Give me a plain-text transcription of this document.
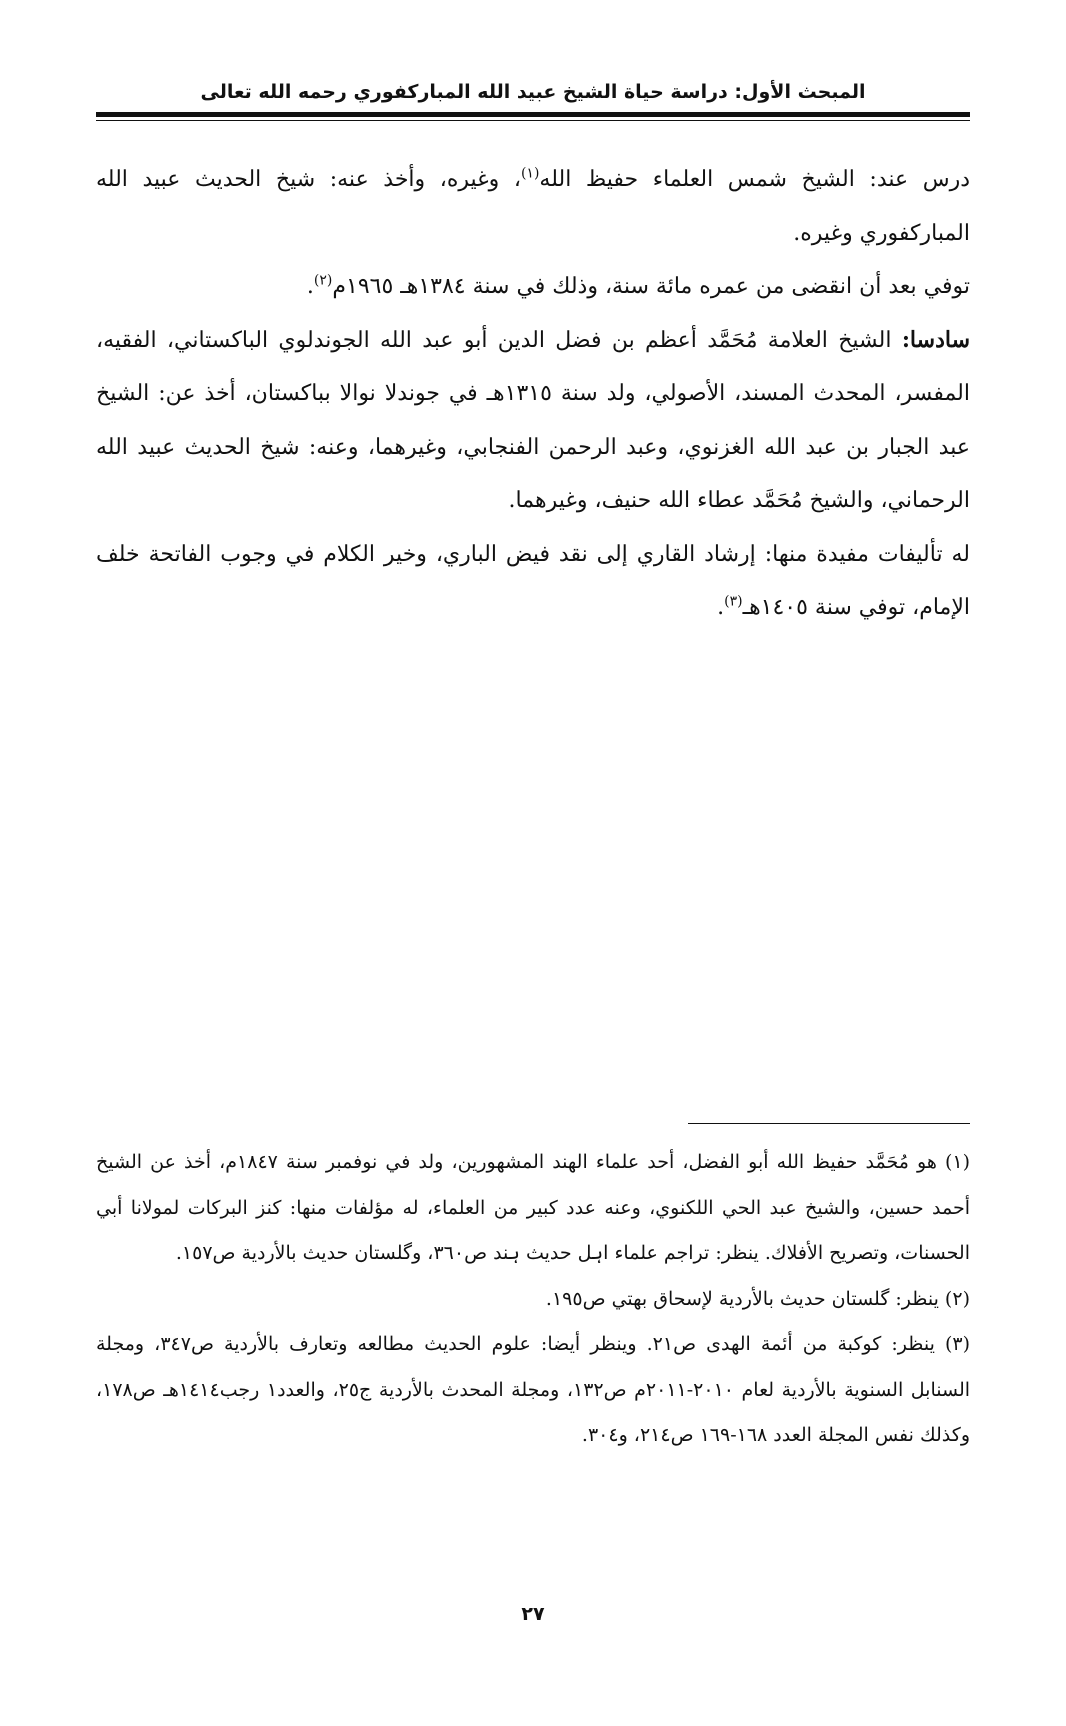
المبحث الأول: دراسة حياة الشيخ عبيد الله المباركفوري رحمه الله تعالى

درس عند: الشيخ شمس العلماء حفيظ الله$^{(١)}$، وغيره، وأخذ عنه: شيخ الحديث عبيد الله المباركفوري وغيره.

توفي بعد أن انقضى من عمره مائة سنة، وذلك في سنة ١٣٨٤هـ ١٩٦٥م$^{(٢)}$.

سادسا: الشيخ العلامة مُحَمَّد أعظم بن فضل الدين أبو عبد الله الجوندلوي الباكستاني، الفقيه، المفسر، المحدث المسند، الأصولي، ولد سنة ١٣١٥هـ في جوندلا نوالا بباكستان، أخذ عن: الشيخ عبد الجبار بن عبد الله الغزنوي، وعبد الرحمن الفنجابي، وغيرهما، وعنه: شيخ الحديث عبيد الله الرحماني، والشيخ مُحَمَّد عطاء الله حنيف، وغيرهما.

له تأليفات مفيدة منها: إرشاد القاري إلى نقد فيض الباري، وخير الكلام في وجوب الفاتحة خلف الإمام، توفي سنة ١٤٠٥هـ$^{(٣)}$.

(١) هو مُحَمَّد حفيظ الله أبو الفضل، أحد علماء الهند المشهورين، ولد في نوفمبر سنة ١٨٤٧م، أخذ عن الشيخ أحمد حسين، والشيخ عبد الحي اللكنوي، وعنه عدد كبير من العلماء، له مؤلفات منها: كنز البركات لمولانا أبي الحسنات، وتصريح الأفلاك. ينظر: تراجم علماء اہل حدیث ہند ص٣٦٠، وگلستان حدیث بالأردية ص١٥٧.

(٢) ينظر: گلستان حديث بالأردية لإسحاق بهتي ص١٩٥.

(٣) ينظر: كوكبة من أئمة الهدى ص٢١. وينظر أيضا: علوم الحديث مطالعه وتعارف بالأردية ص٣٤٧، ومجلة السنابل السنوية بالأردية لعام ٢٠١٠-٢٠١١م ص١٣٢، ومجلة المحدث بالأردية ج٢٥، والعدد١ رجب١٤١٤هـ ص١٧٨، وكذلك نفس المجلة العدد ١٦٨-١٦٩ ص٢١٤، و٣٠٤.

٢٧
